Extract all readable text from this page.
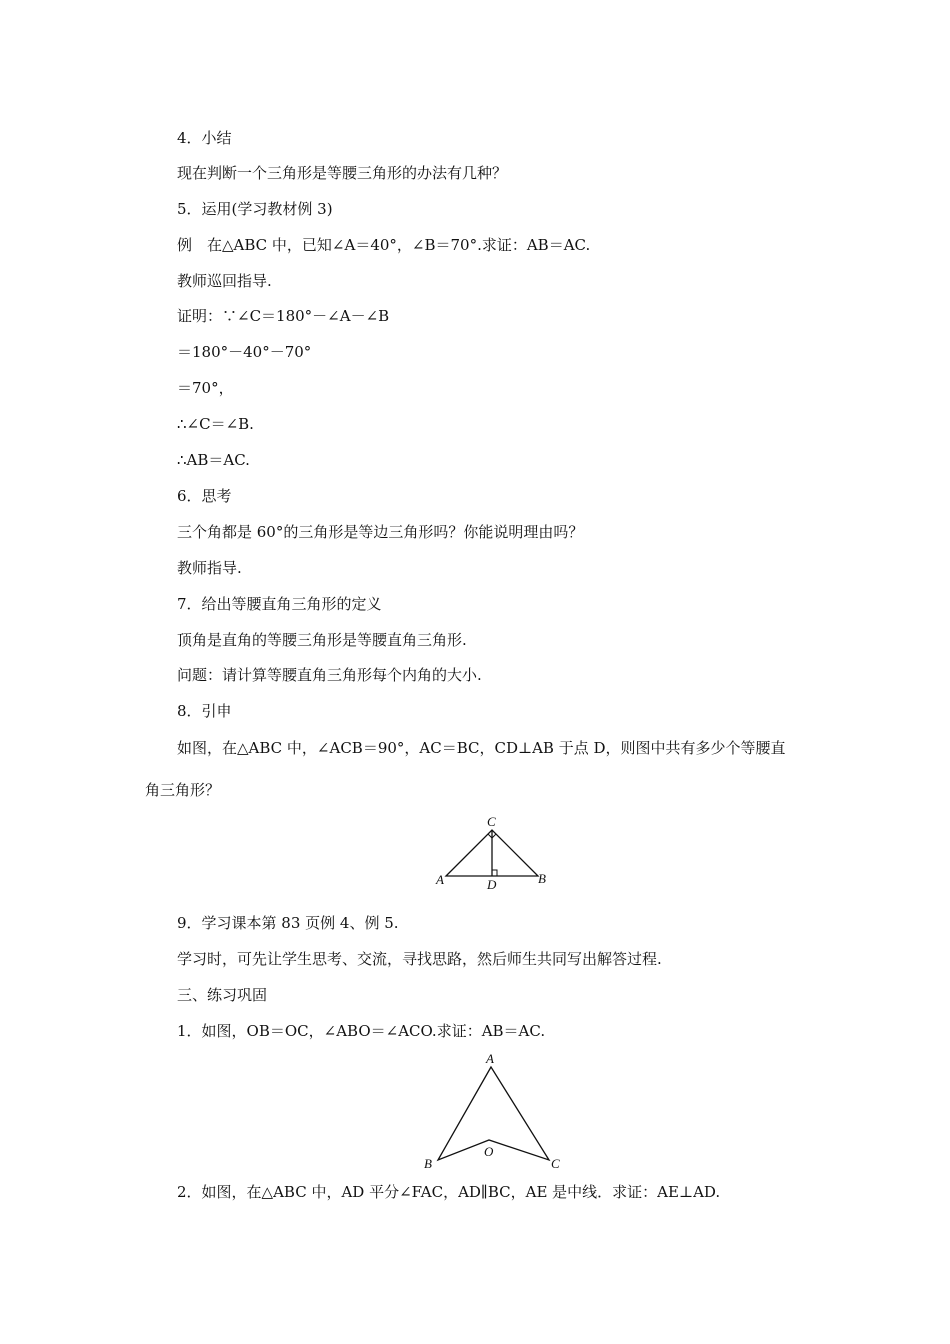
4．小结
现在判断一个三角形是等腰三角形的办法有几种？
5．运用(学习教材例 3)
例　在△ABC 中，已知∠A＝40°，∠B＝70°.求证：AB＝AC.
教师巡回指导.
证明：∵∠C＝180°－∠A－∠B
＝180°－40°－70°
＝70°，
∴∠C＝∠B.
∴AB＝AC.
6．思考
三个角都是 60°的三角形是等边三角形吗？你能说明理由吗？
教师指导.
7．给出等腰直角三角形的定义
顶角是直角的等腰三角形是等腰直角三角形.
问题：请计算等腰直角三角形每个内角的大小.
8．引申
如图，在△ABC 中，∠ACB＝90°，AC＝BC，CD⊥AB 于点 D，则图中共有多少个等腰直
角三角形？
C
A	B
D
9．学习课本第 83 页例 4、例 5.
学习时，可先让学生思考、交流，寻找思路，然后师生共同写出解答过程.
三、练习巩固
1．如图，OB＝OC，∠ABO＝∠ACO.求证：AB＝AC.
A
B
O
C
2．如图，在△ABC 中，AD 平分∠FAC，AD∥BC，AE 是中线．求证：AE⊥AD.
